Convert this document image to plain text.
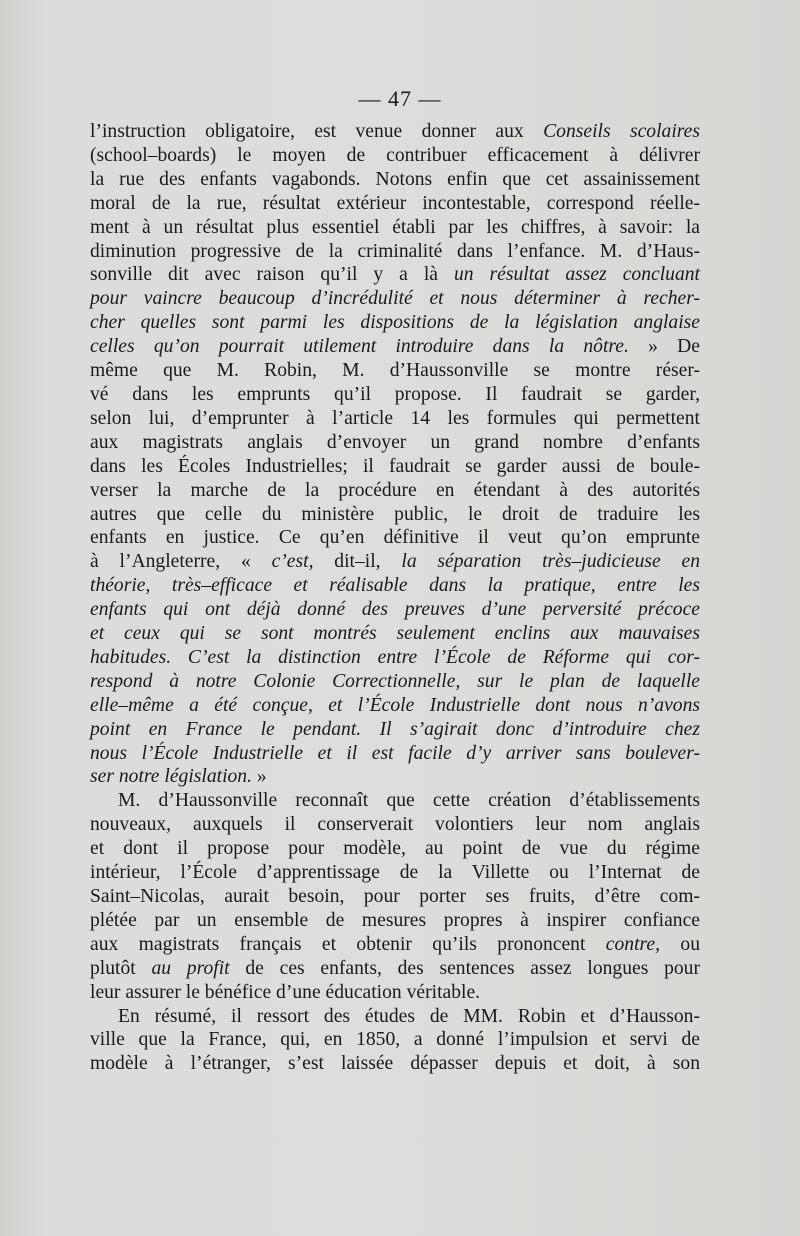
— 47 —
l’instruction obligatoire, est venue donner aux Conseils scolaires
(school–boards) le moyen de contribuer efficacement à délivrer
la rue des enfants vagabonds. Notons enfin que cet assainissement
moral de la rue, résultat extérieur incontestable, correspond réelle-
ment à un résultat plus essentiel établi par les chiffres, à savoir: la
diminution progressive de la criminalité dans l’enfance. M. d’Haus-
sonville dit avec raison qu’il y a là un résultat assez concluant
pour vaincre beaucoup d’incrédulité et nous déterminer à recher-
cher quelles sont parmi les dispositions de la législation anglaise
celles qu’on pourrait utilement introduire dans la nôtre. » De
même que M. Robin, M. d’Haussonville se montre réser-
vé dans les emprunts qu’il propose. Il faudrait se garder,
selon lui, d’emprunter à l’article 14 les formules qui permettent
aux magistrats anglais d’envoyer un grand nombre d’enfants
dans les Écoles Industrielles; il faudrait se garder aussi de boule-
verser la marche de la procédure en étendant à des autorités
autres que celle du ministère public, le droit de traduire les
enfants en justice. Ce qu’en définitive il veut qu’on emprunte
à l’Angleterre, « c’est, dit–il, la séparation très–judicieuse en
théorie, très–efficace et réalisable dans la pratique, entre les
enfants qui ont déjà donné des preuves d’une perversité précoce
et ceux qui se sont montrés seulement enclins aux mauvaises
habitudes. C’est la distinction entre l’École de Réforme qui cor-
respond à notre Colonie Correctionnelle, sur le plan de laquelle
elle–même a été conçue, et l’École Industrielle dont nous n’avons
point en France le pendant. Il s’agirait donc d’introduire chez
nous l’École Industrielle et il est facile d’y arriver sans boulever-
ser notre législation. »
M. d’Haussonville reconnaît que cette création d’établissements
nouveaux, auxquels il conserverait volontiers leur nom anglais
et dont il propose pour modèle, au point de vue du régime
intérieur, l’École d’apprentissage de la Villette ou l’Internat de
Saint–Nicolas, aurait besoin, pour porter ses fruits, d’être com-
plétée par un ensemble de mesures propres à inspirer confiance
aux magistrats français et obtenir qu’ils prononcent contre, ou
plutôt au profit de ces enfants, des sentences assez longues pour
leur assurer le bénéfice d’une éducation véritable.
En résumé, il ressort des études de MM. Robin et d’Hausson-
ville que la France, qui, en 1850, a donné l’impulsion et servi de
modèle à l’étranger, s’est laissée dépasser depuis et doit, à son
